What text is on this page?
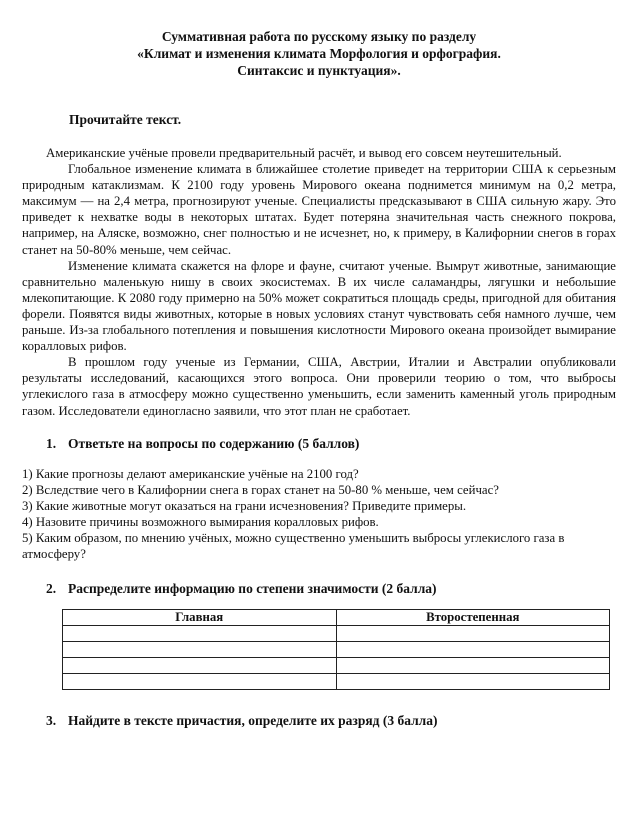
Суммативная работа по русскому языку по разделу
«Климат и изменения климата Морфология и орфография.
Синтаксис и пунктуация».

Прочитайте текст.

Американские учёные провели предварительный расчёт, и вывод его совсем неутешительный.

Глобальное изменение климата в ближайшее столетие приведет на территории США к серьезным природным катаклизмам. К 2100 году уровень Мирового океана поднимется минимум на 0,2 метра, максимум — на 2,4 метра, прогнозируют ученые. Специалисты предсказывают в США сильную жару. Это приведет к нехватке воды в некоторых штатах. Будет потеряна значительная часть снежного покрова, например, на Аляске, возможно, снег полностью и не исчезнет, но, к примеру, в Калифорнии снегов в горах станет на 50-80% меньше, чем сейчас.

Изменение климата скажется на флоре и фауне, считают ученые. Вымрут животные, занимающие сравнительно маленькую нишу в своих экосистемах. В их числе саламандры, лягушки и небольшие млекопитающие. К 2080 году примерно на 50% может сократиться площадь среды, пригодной для обитания форели. Появятся виды животных, которые в новых условиях станут чувствовать себя намного лучше, чем раньше. Из-за глобального потепления и повышения кислотности Мирового океана произойдет вымирание коралловых рифов.

В прошлом году ученые из Германии, США, Австрии, Италии и Австралии опубликовали результаты исследований, касающихся этого вопроса. Они проверили теорию о том, что выбросы углекислого газа в атмосферу можно существенно уменьшить, если заменить каменный уголь природным газом. Исследователи единогласно заявили, что этот план не сработает.

1. Ответьте на вопросы по содержанию (5 баллов)

1) Какие прогнозы делают американские учёные на 2100 год?

2) Вследствие чего в Калифорнии снега в горах станет на 50-80 % меньше, чем сейчас?

3) Какие животные могут оказаться на грани исчезновения? Приведите примеры.

4) Назовите причины возможного вымирания коралловых рифов.

5) Каким образом, по мнению учёных, можно существенно уменьшить выбросы углекислого газа в атмосферу?

2. Распределите информацию по степени значимости (2 балла)

Главная	Второстепенная

3. Найдите в тексте причастия, определите их разряд (3 балла)
